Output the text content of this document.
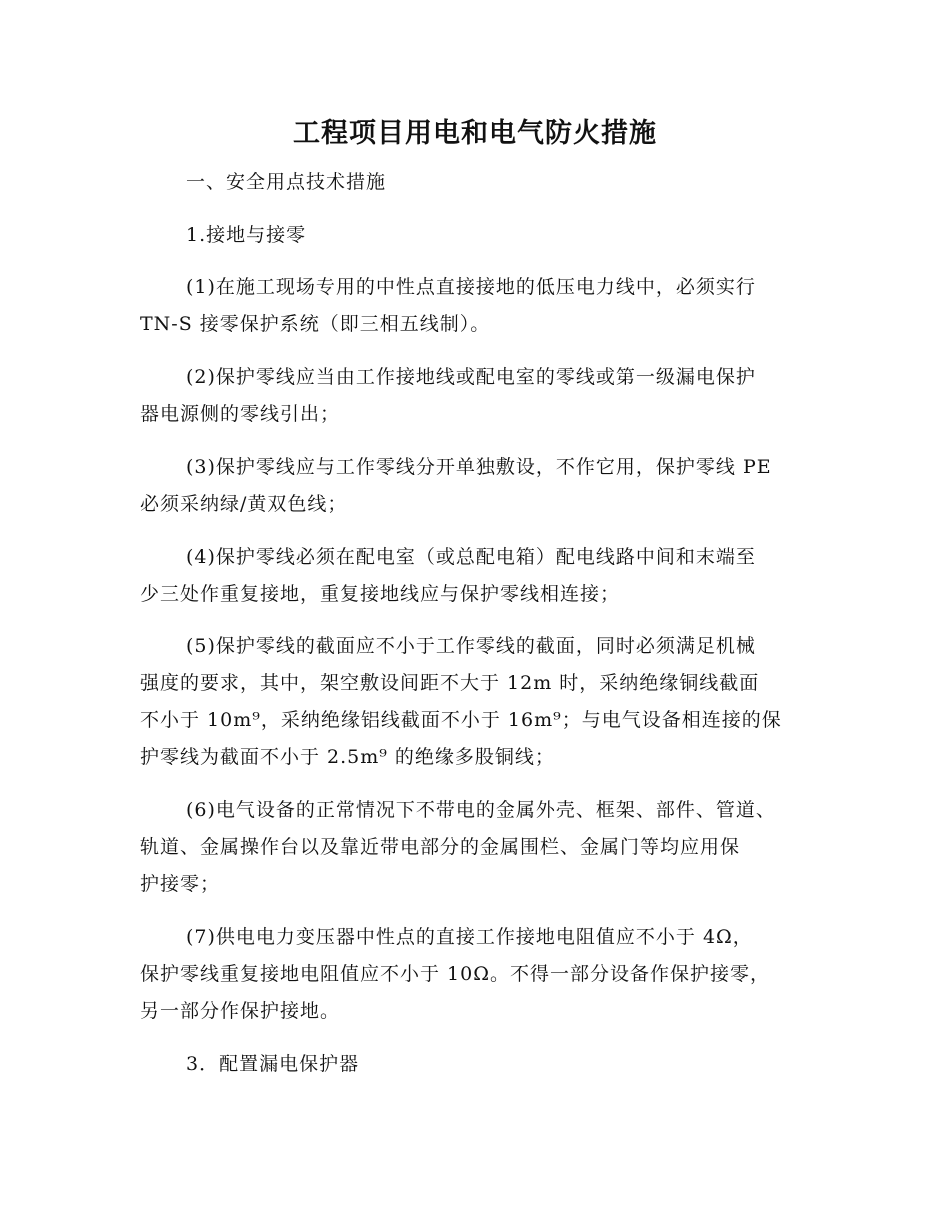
工程项目用电和电气防火措施
一、安全用点技术措施
1.接地与接零
(1)在施工现场专用的中性点直接接地的低压电力线中，必须实行
TN-S 接零保护系统（即三相五线制）。
(2)保护零线应当由工作接地线或配电室的零线或第一级漏电保护
器电源侧的零线引出；
(3)保护零线应与工作零线分开单独敷设，不作它用，保护零线 PE
必须采纳绿/黄双色线；
(4)保护零线必须在配电室（或总配电箱）配电线路中间和末端至
少三处作重复接地，重复接地线应与保护零线相连接；
(5)保护零线的截面应不小于工作零线的截面，同时必须满足机械
强度的要求，其中，架空敷设间距不大于 12m 时，采纳绝缘铜线截面
不小于 10m⁹，采纳绝缘铝线截面不小于 16m⁹；与电气设备相连接的保
护零线为截面不小于 2.5m⁹ 的绝缘多股铜线；
(6)电气设备的正常情况下不带电的金属外壳、框架、部件、管道、
轨道、金属操作台以及靠近带电部分的金属围栏、金属门等均应用保
护接零；
(7)供电电力变压器中性点的直接工作接地电阻值应不小于 4Ω，
保护零线重复接地电阻值应不小于 10Ω。不得一部分设备作保护接零，
另一部分作保护接地。
3．配置漏电保护器
